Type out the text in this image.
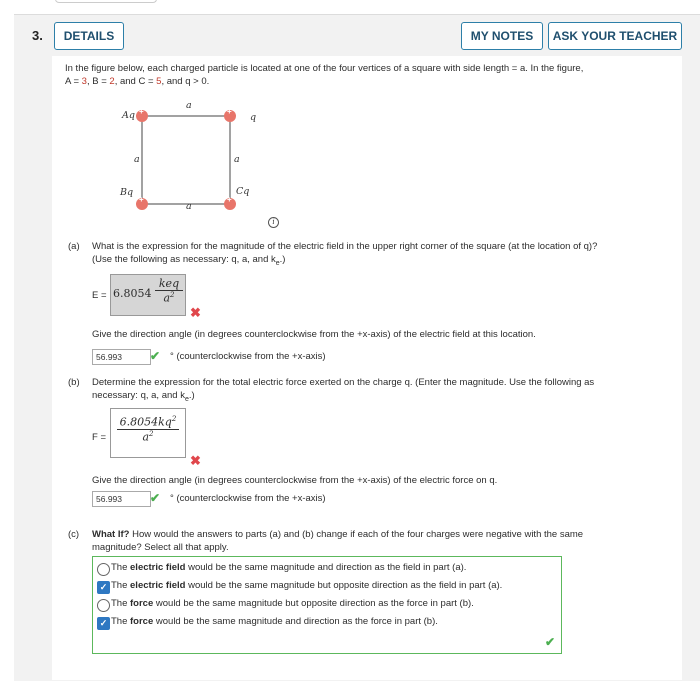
3.	DETAILS	MY NOTES	ASK YOUR TEACHER
In the figure below, each charged particle is located at one of the four vertices of a square with side length = a. In the figure,
A = 3, B = 2, and C = 5, and q > 0.
a
a	a
a
Aq	q
Bq	Cq
+	+
+	+
i
(a) What is the expression for the magnitude of the electric field in the upper right corner of the square (at the location of q)?
(Use the following as necessary: q, a, and $k_e$.)
E = 6.8054
keq
$a^2$
✖
Give the direction angle (in degrees counterclockwise from the +x-axis) of the electric field at this location.
56.993	✔ ° (counterclockwise from the +x-axis)
(b) Determine the expression for the total electric force exerted on the charge q. (Enter the magnitude. Use the following as
necessary: q, a, and $k_e$.)
F =
$6.8054kq^2$
$a^2$
✖
Give the direction angle (in degrees counterclockwise from the +x-axis) of the electric force on q.
56.993	✔ ° (counterclockwise from the +x-axis)
(c) What If? How would the answers to parts (a) and (b) change if each of the four charges were negative with the same
magnitude? Select all that apply.
The electric field would be the same magnitude and direction as the field in part (a).
✓ The electric field would be the same magnitude but opposite direction as the field in part (a).
The force would be the same magnitude but opposite direction as the force in part (b).
✓ The force would be the same magnitude and direction as the force in part (b).
✔
